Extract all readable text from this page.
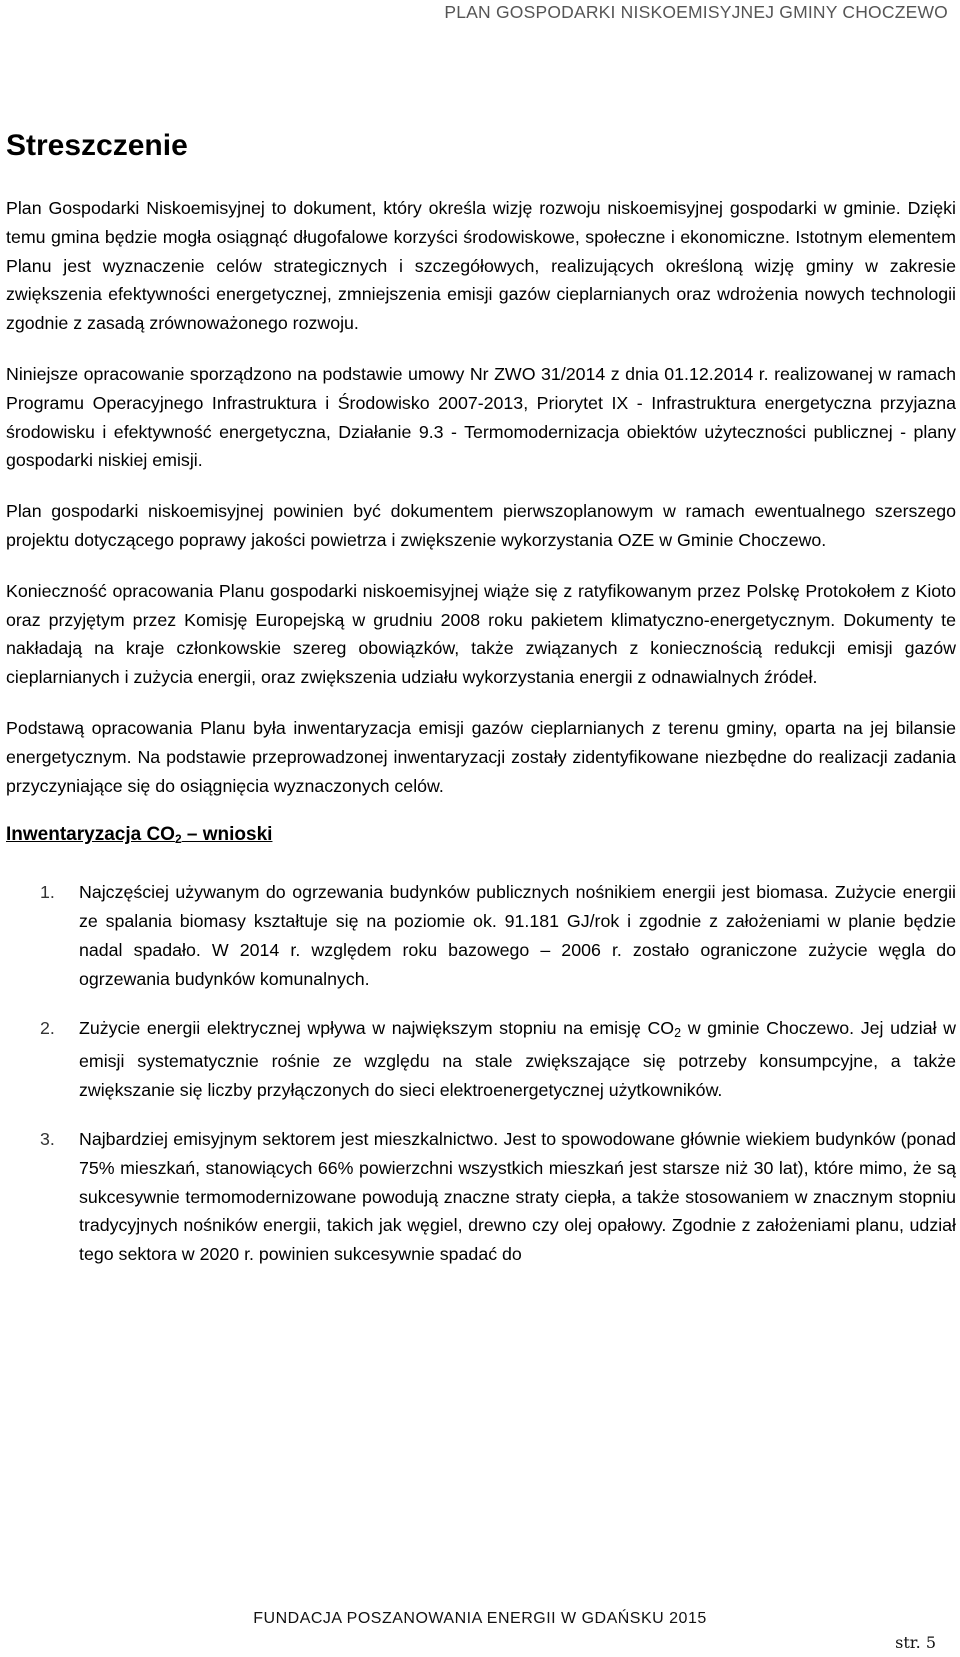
PLAN GOSPODARKI NISKOEMISYJNEJ GMINY CHOCZEWO
Streszczenie

Plan Gospodarki Niskoemisyjnej to dokument, który określa wizję rozwoju niskoemisyjnej gospodarki w gminie. Dzięki temu gmina będzie mogła osiągnąć długofalowe korzyści środowiskowe, społeczne i ekonomiczne. Istotnym elementem Planu jest wyznaczenie celów strategicznych i szczegółowych, realizujących określoną wizję gminy w zakresie zwiększenia efektywności energetycznej, zmniejszenia emisji gazów cieplarnianych oraz wdrożenia nowych technologii zgodnie z zasadą zrównoważonego rozwoju.

Niniejsze opracowanie sporządzono na podstawie umowy Nr ZWO 31/2014 z dnia 01.12.2014 r. realizowanej w ramach Programu Operacyjnego Infrastruktura i Środowisko 2007-2013, Priorytet IX - Infrastruktura energetyczna przyjazna środowisku i efektywność energetyczna, Działanie 9.3 - Termomodernizacja obiektów użyteczności publicznej - plany gospodarki niskiej emisji.

Plan gospodarki niskoemisyjnej powinien być dokumentem pierwszoplanowym w ramach ewentualnego szerszego projektu dotyczącego poprawy jakości powietrza i zwiększenie wykorzystania OZE w Gminie Choczewo.

Konieczność opracowania Planu gospodarki niskoemisyjnej wiąże się z ratyfikowanym przez Polskę Protokołem z Kioto oraz przyjętym przez Komisję Europejską w grudniu 2008 roku pakietem klimatyczno-energetycznym. Dokumenty te nakładają na kraje członkowskie szereg obowiązków, także związanych z koniecznością redukcji emisji gazów cieplarnianych i zużycia energii, oraz zwiększenia udziału wykorzystania energii z odnawialnych źródeł.

Podstawą opracowania Planu była inwentaryzacja emisji gazów cieplarnianych z terenu gminy, oparta na jej bilansie energetycznym. Na podstawie przeprowadzonej inwentaryzacji zostały zidentyfikowane niezbędne do realizacji zadania przyczyniające się do osiągnięcia wyznaczonych celów.

Inwentaryzacja $CO_2$ – wnioski
1. Najczęściej używanym do ogrzewania budynków publicznych nośnikiem energii jest biomasa. Zużycie energii ze spalania biomasy kształtuje się na poziomie ok. 91.181 GJ/rok i zgodnie z założeniami w planie będzie nadal spadało. W 2014 r. względem roku bazowego – 2006 r. zostało ograniczone zużycie węgla do ogrzewania budynków komunalnych.
2. Zużycie energii elektrycznej wpływa w największym stopniu na emisję CO2 w gminie Choczewo. Jej udział w emisji systematycznie rośnie ze względu na stale zwiększające się potrzeby konsumpcyjne, a także zwiększanie się liczby przyłączonych do sieci elektroenergetycznej użytkowników.
3. Najbardziej emisyjnym sektorem jest mieszkalnictwo. Jest to spowodowane głównie wiekiem budynków (ponad 75% mieszkań, stanowiących 66% powierzchni wszystkich mieszkań jest starsze niż 30 lat), które mimo, że są sukcesywnie termomodernizowane powodują znaczne straty ciepła, a także stosowaniem w znacznym stopniu tradycyjnych nośników energii, takich jak węgiel, drewno czy olej opałowy. Zgodnie z założeniami planu, udział tego sektora w 2020 r. powinien sukcesywnie spadać do
FUNDACJA POSZANOWANIA ENERGII W GDAŃSKU 2015
str. 5
